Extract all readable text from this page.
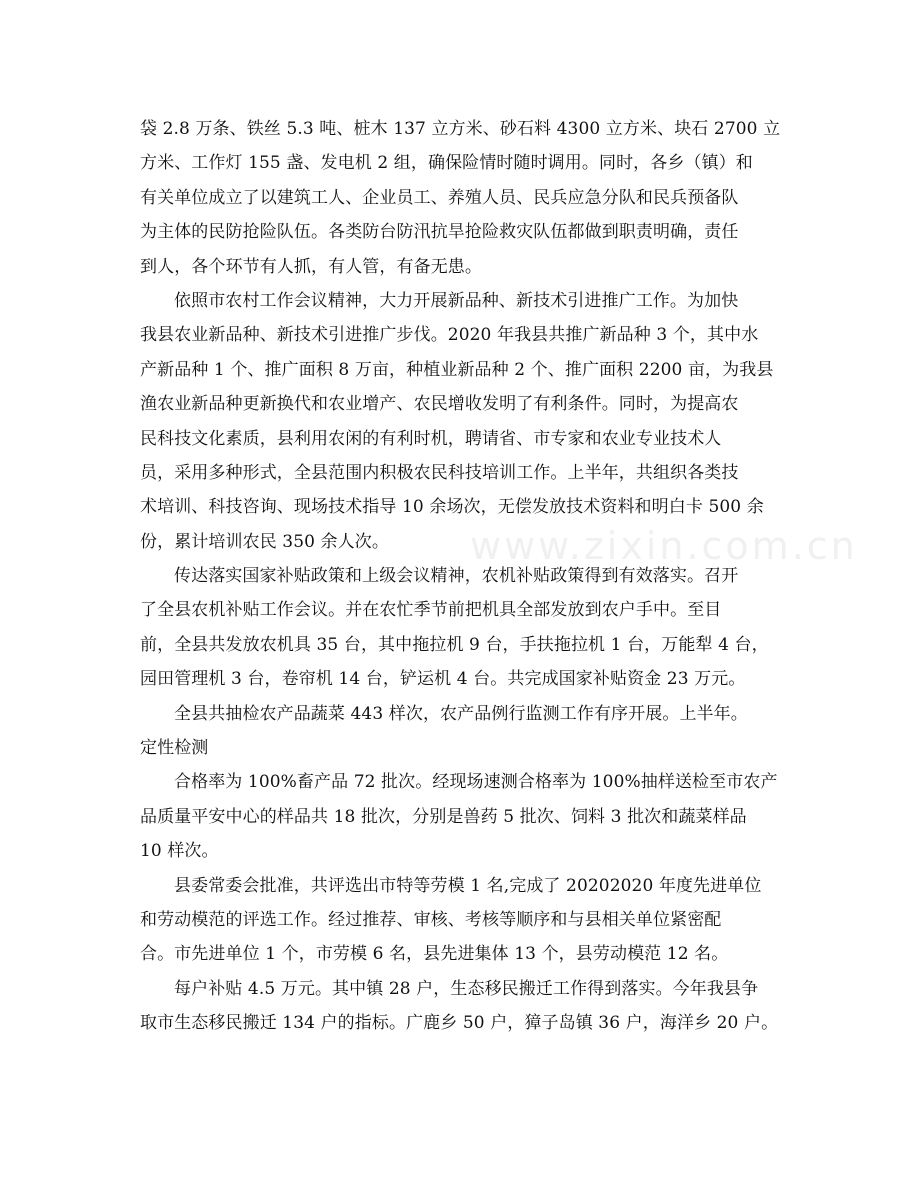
www.zixin.com.cn
袋 2.8 万条、铁丝 5.3 吨、桩木 137 立方米、砂石料 4300 立方米、块石 2700 立
方米、工作灯 155 盏、发电机 2 组，确保险情时随时调用。同时，各乡（镇）和
有关单位成立了以建筑工人、企业员工、养殖人员、民兵应急分队和民兵预备队
为主体的民防抢险队伍。各类防台防汛抗旱抢险救灾队伍都做到职责明确，责任
到人，各个环节有人抓，有人管，有备无患。
依照市农村工作会议精神，大力开展新品种、新技术引进推广工作。为加快
我县农业新品种、新技术引进推广步伐。2020 年我县共推广新品种 3 个，其中水
产新品种 1 个、推广面积 8 万亩，种植业新品种 2 个、推广面积 2200 亩，为我县
渔农业新品种更新换代和农业增产、农民增收发明了有利条件。同时，为提高农
民科技文化素质，县利用农闲的有利时机，聘请省、市专家和农业专业技术人
员，采用多种形式，全县范围内积极农民科技培训工作。上半年，共组织各类技
术培训、科技咨询、现场技术指导 10 余场次，无偿发放技术资料和明白卡 500 余
份，累计培训农民 350 余人次。
传达落实国家补贴政策和上级会议精神，农机补贴政策得到有效落实。召开
了全县农机补贴工作会议。并在农忙季节前把机具全部发放到农户手中。至目
前，全县共发放农机具 35 台，其中拖拉机 9 台，手扶拖拉机 1 台，万能犁 4 台，
园田管理机 3 台，卷帘机 14 台，铲运机 4 台。共完成国家补贴资金 23 万元。
全县共抽检农产品蔬菜 443 样次，农产品例行监测工作有序开展。上半年。
定性检测
合格率为 100%畜产品 72 批次。经现场速测合格率为 100%抽样送检至市农产
品质量平安中心的样品共 18 批次，分别是兽药 5 批次、饲料 3 批次和蔬菜样品
10 样次。
县委常委会批准，共评选出市特等劳模 1 名,完成了 20202020 年度先进单位
和劳动模范的评选工作。经过推荐、审核、考核等顺序和与县相关单位紧密配
合。市先进单位 1 个，市劳模 6 名，县先进集体 13 个，县劳动模范 12 名。
每户补贴 4.5 万元。其中镇 28 户，生态移民搬迁工作得到落实。今年我县争
取市生态移民搬迁 134 户的指标。广鹿乡 50 户，獐子岛镇 36 户，海洋乡 20 户。
